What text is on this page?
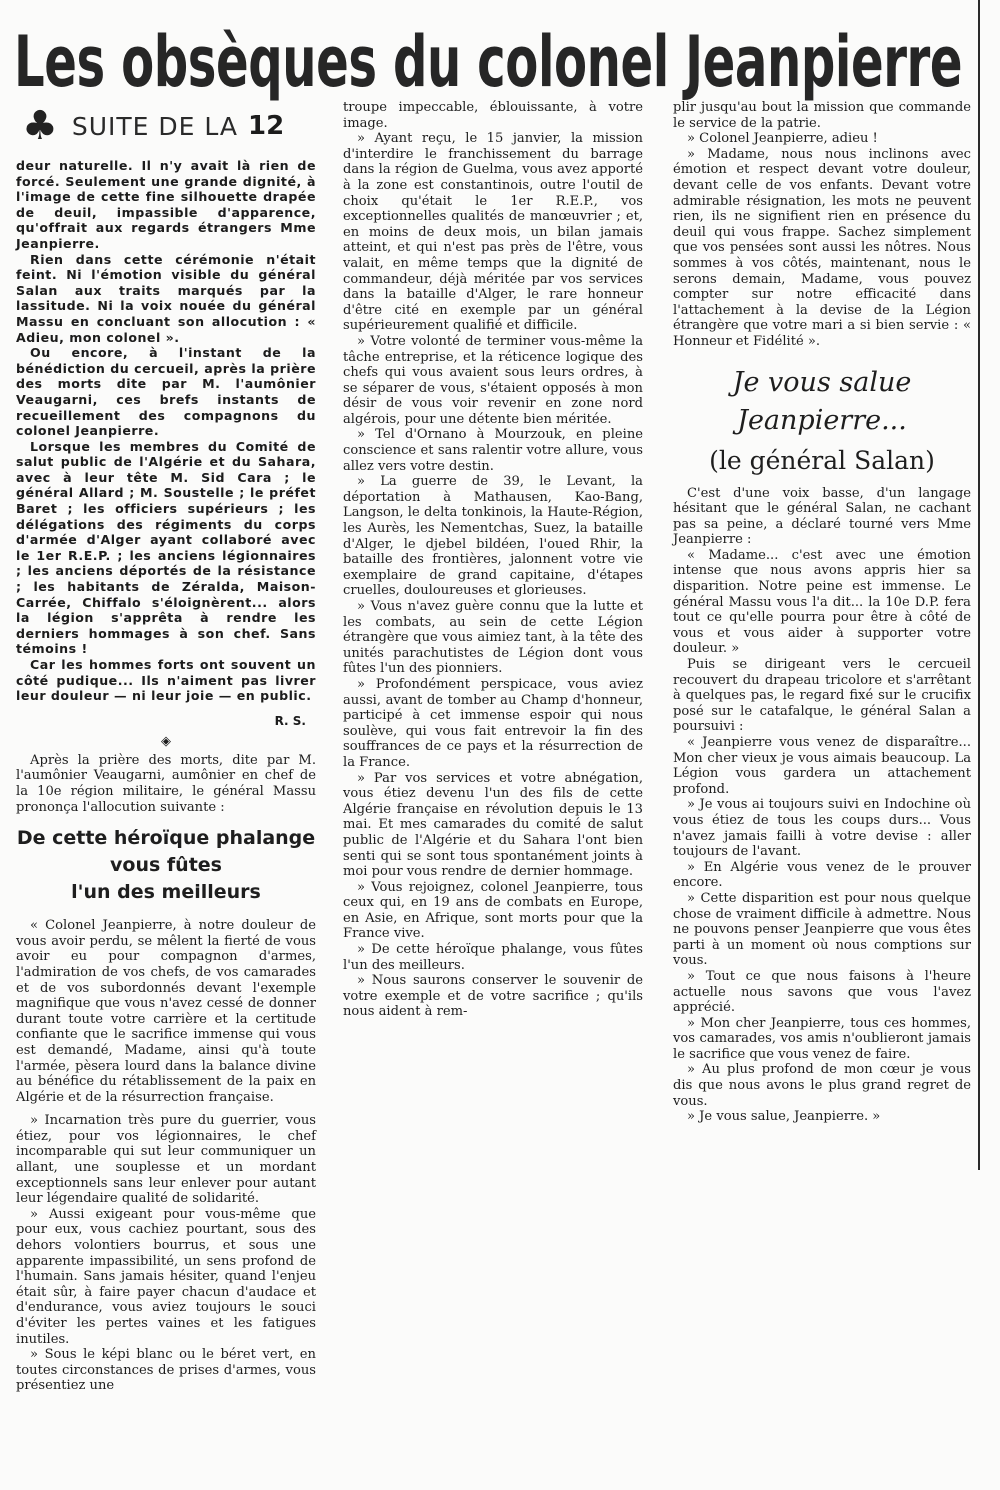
Les obsèques du colonel Jeanpierre
♣ SUITE DE LA 12

deur naturelle. Il n'y avait là rien de forcé. Seulement une grande dignité, à l'image de cette fine silhouette drapée de deuil, impassible d'apparence, qu'offrait aux regards étrangers Mme Jeanpierre.

Rien dans cette cérémonie n'était feint. Ni l'émotion visible du général Salan aux traits marqués par la lassitude. Ni la voix nouée du général Massu en concluant son allocution : « Adieu, mon colonel ».

Ou encore, à l'instant de la bénédiction du cercueil, après la prière des morts dite par M. l'aumônier Veaugarni, ces brefs instants de recueillement des compagnons du colonel Jeanpierre.

Lorsque les membres du Comité de salut public de l'Algérie et du Sahara, avec à leur tête M. Sid Cara ; le général Allard ; M. Soustelle ; le préfet Baret ; les officiers supérieurs ; les délégations des régiments du corps d'armée d'Alger ayant collaboré avec le 1er R.E.P. ; les anciens légionnaires ; les anciens déportés de la résistance ; les habitants de Zéralda, Maison-Carrée, Chiffalo s'éloignèrent... alors la légion s'apprêta à rendre les derniers hommages à son chef. Sans témoins !

Car les hommes forts ont souvent un côté pudique... Ils n'aiment pas livrer leur douleur — ni leur joie — en public.

R. S.
◈

Après la prière des morts, dite par M. l'aumônier Veaugarni, aumônier en chef de la 10e région militaire, le général Massu prononça l'allocution suivante :

De cette héroïque phalange
vous fûtes
l'un des meilleurs

« Colonel Jeanpierre, à notre douleur de vous avoir perdu, se mêlent la fierté de vous avoir eu pour compagnon d'armes, l'admiration de vos chefs, de vos camarades et de vos subordonnés devant l'exemple magnifique que vous n'avez cessé de donner durant toute votre carrière et la certitude confiante que le sacrifice immense qui vous est demandé, Madame, ainsi qu'à toute l'armée, pèsera lourd dans la balance divine au bénéfice du rétablissement de la paix en Algérie et de la résurrection française.

» Incarnation très pure du guerrier, vous étiez, pour vos légionnaires, le chef incomparable qui sut leur communiquer un allant, une souplesse et un mordant exceptionnels sans leur enlever pour autant leur légendaire qualité de solidarité.

» Aussi exigeant pour vous-même que pour eux, vous cachiez pourtant, sous des dehors volontiers bourrus, et sous une apparente impassibilité, un sens profond de l'humain. Sans jamais hésiter, quand l'enjeu était sûr, à faire payer chacun d'audace et d'endurance, vous aviez toujours le souci d'éviter les pertes vaines et les fatigues inutiles.

» Sous le képi blanc ou le béret vert, en toutes circonstances de prises d'armes, vous présentiez une

troupe impeccable, éblouissante, à votre image.

» Ayant reçu, le 15 janvier, la mission d'interdire le franchissement du barrage dans la région de Guelma, vous avez apporté à la zone est constantinois, outre l'outil de choix qu'était le 1er R.E.P., vos exceptionnelles qualités de manœuvrier ; et, en moins de deux mois, un bilan jamais atteint, et qui n'est pas près de l'être, vous valait, en même temps que la dignité de commandeur, déjà méritée par vos services dans la bataille d'Alger, le rare honneur d'être cité en exemple par un général supérieurement qualifié et difficile.

» Votre volonté de terminer vous-même la tâche entreprise, et la réticence logique des chefs qui vous avaient sous leurs ordres, à se séparer de vous, s'étaient opposés à mon désir de vous voir revenir en zone nord algérois, pour une détente bien méritée.

» Tel d'Ornano à Mourzouk, en pleine conscience et sans ralentir votre allure, vous allez vers votre destin.

» La guerre de 39, le Levant, la déportation à Mathausen, Kao-Bang, Langson, le delta tonkinois, la Haute-Région, les Aurès, les Nementchas, Suez, la bataille d'Alger, le djebel bildéen, l'oued Rhir, la bataille des frontières, jalonnent votre vie exemplaire de grand capitaine, d'étapes cruelles, douloureuses et glorieuses.

» Vous n'avez guère connu que la lutte et les combats, au sein de cette Légion étrangère que vous aimiez tant, à la tête des unités parachutistes de Légion dont vous fûtes l'un des pionniers.

» Profondément perspicace, vous aviez aussi, avant de tomber au Champ d'honneur, participé à cet immense espoir qui nous soulève, qui vous fait entrevoir la fin des souffrances de ce pays et la résurrection de la France.

» Par vos services et votre abnégation, vous étiez devenu l'un des fils de cette Algérie française en révolution depuis le 13 mai. Et mes camarades du comité de salut public de l'Algérie et du Sahara l'ont bien senti qui se sont tous spontanément joints à moi pour vous rendre de dernier hommage.

» Vous rejoignez, colonel Jeanpierre, tous ceux qui, en 19 ans de combats en Europe, en Asie, en Afrique, sont morts pour que la France vive.

» De cette héroïque phalange, vous fûtes l'un des meilleurs.

» Nous saurons conserver le souvenir de votre exemple et de votre sacrifice ; qu'ils nous aident à rem-

plir jusqu'au bout la mission que commande le service de la patrie.

» Colonel Jeanpierre, adieu !

» Madame, nous nous inclinons avec émotion et respect devant votre douleur, devant celle de vos enfants. Devant votre admirable résignation, les mots ne peuvent rien, ils ne signifient rien en présence du deuil qui vous frappe. Sachez simplement que vos pensées sont aussi les nôtres. Nous sommes à vos côtés, maintenant, nous le serons demain, Madame, vous pouvez compter sur notre efficacité dans l'attachement à la devise de la Légion étrangère que votre mari a si bien servie : « Honneur et Fidélité ».

Je vous salue
Jeanpierre...
(le général Salan)

C'est d'une voix basse, d'un langage hésitant que le général Salan, ne cachant pas sa peine, a déclaré tourné vers Mme Jeanpierre :

« Madame... c'est avec une émotion intense que nous avons appris hier sa disparition. Notre peine est immense. Le général Massu vous l'a dit... la 10e D.P. fera tout ce qu'elle pourra pour être à côté de vous et vous aider à supporter votre douleur. »

Puis se dirigeant vers le cercueil recouvert du drapeau tricolore et s'arrêtant à quelques pas, le regard fixé sur le crucifix posé sur le catafalque, le général Salan a poursuivi :

« Jeanpierre vous venez de disparaître... Mon cher vieux je vous aimais beaucoup. La Légion vous gardera un attachement profond.

» Je vous ai toujours suivi en Indochine où vous étiez de tous les coups durs... Vous n'avez jamais failli à votre devise : aller toujours de l'avant.

» En Algérie vous venez de le prouver encore.

» Cette disparition est pour nous quelque chose de vraiment difficile à admettre. Nous ne pouvons penser Jeanpierre que vous êtes parti à un moment où nous comptions sur vous.

» Tout ce que nous faisons à l'heure actuelle nous savons que vous l'avez apprécié.

» Mon cher Jeanpierre, tous ces hommes, vos camarades, vos amis n'oublieront jamais le sacrifice que vous venez de faire.

» Au plus profond de mon cœur je vous dis que nous avons le plus grand regret de vous.

» Je vous salue, Jeanpierre. »
